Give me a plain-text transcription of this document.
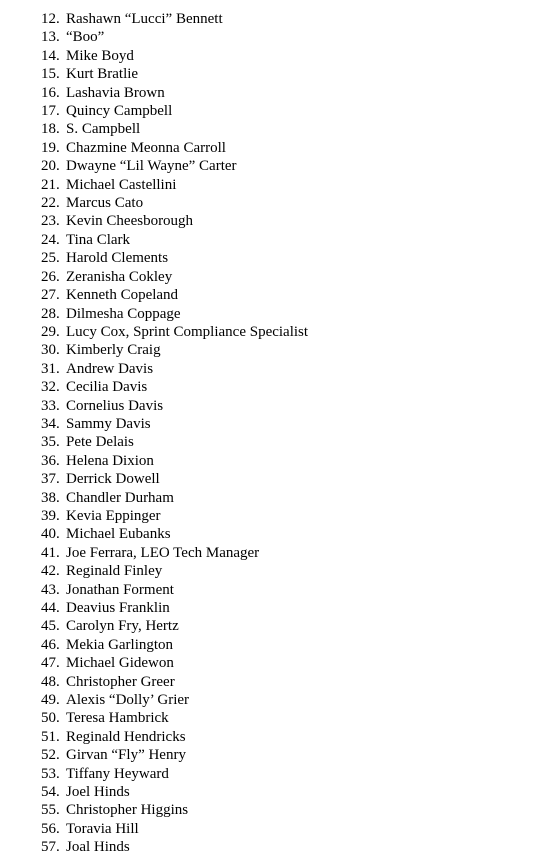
12. Rashawn “Lucci” Bennett
13. “Boo”
14. Mike Boyd
15. Kurt Bratlie
16. Lashavia Brown
17. Quincy Campbell
18. S. Campbell
19. Chazmine Meonna Carroll
20. Dwayne “Lil Wayne” Carter
21. Michael Castellini
22. Marcus Cato
23. Kevin Cheesborough
24. Tina Clark
25. Harold Clements
26. Zeranisha Cokley
27. Kenneth Copeland
28. Dilmesha Coppage
29. Lucy Cox, Sprint Compliance Specialist
30. Kimberly Craig
31. Andrew Davis
32. Cecilia Davis
33. Cornelius Davis
34. Sammy Davis
35. Pete Delais
36. Helena Dixion
37. Derrick Dowell
38. Chandler Durham
39. Kevia Eppinger
40. Michael Eubanks
41. Joe Ferrara, LEO Tech Manager
42. Reginald Finley
43. Jonathan Forment
44. Deavius Franklin
45. Carolyn Fry, Hertz
46. Mekia Garlington
47. Michael Gidewon
48. Christopher Greer
49. Alexis “Dolly’ Grier
50. Teresa Hambrick
51. Reginald Hendricks
52. Girvan “Fly” Henry
53. Tiffany Heyward
54. Joel Hinds
55. Christopher Higgins
56. Toravia Hill
57. Joal Hinds
